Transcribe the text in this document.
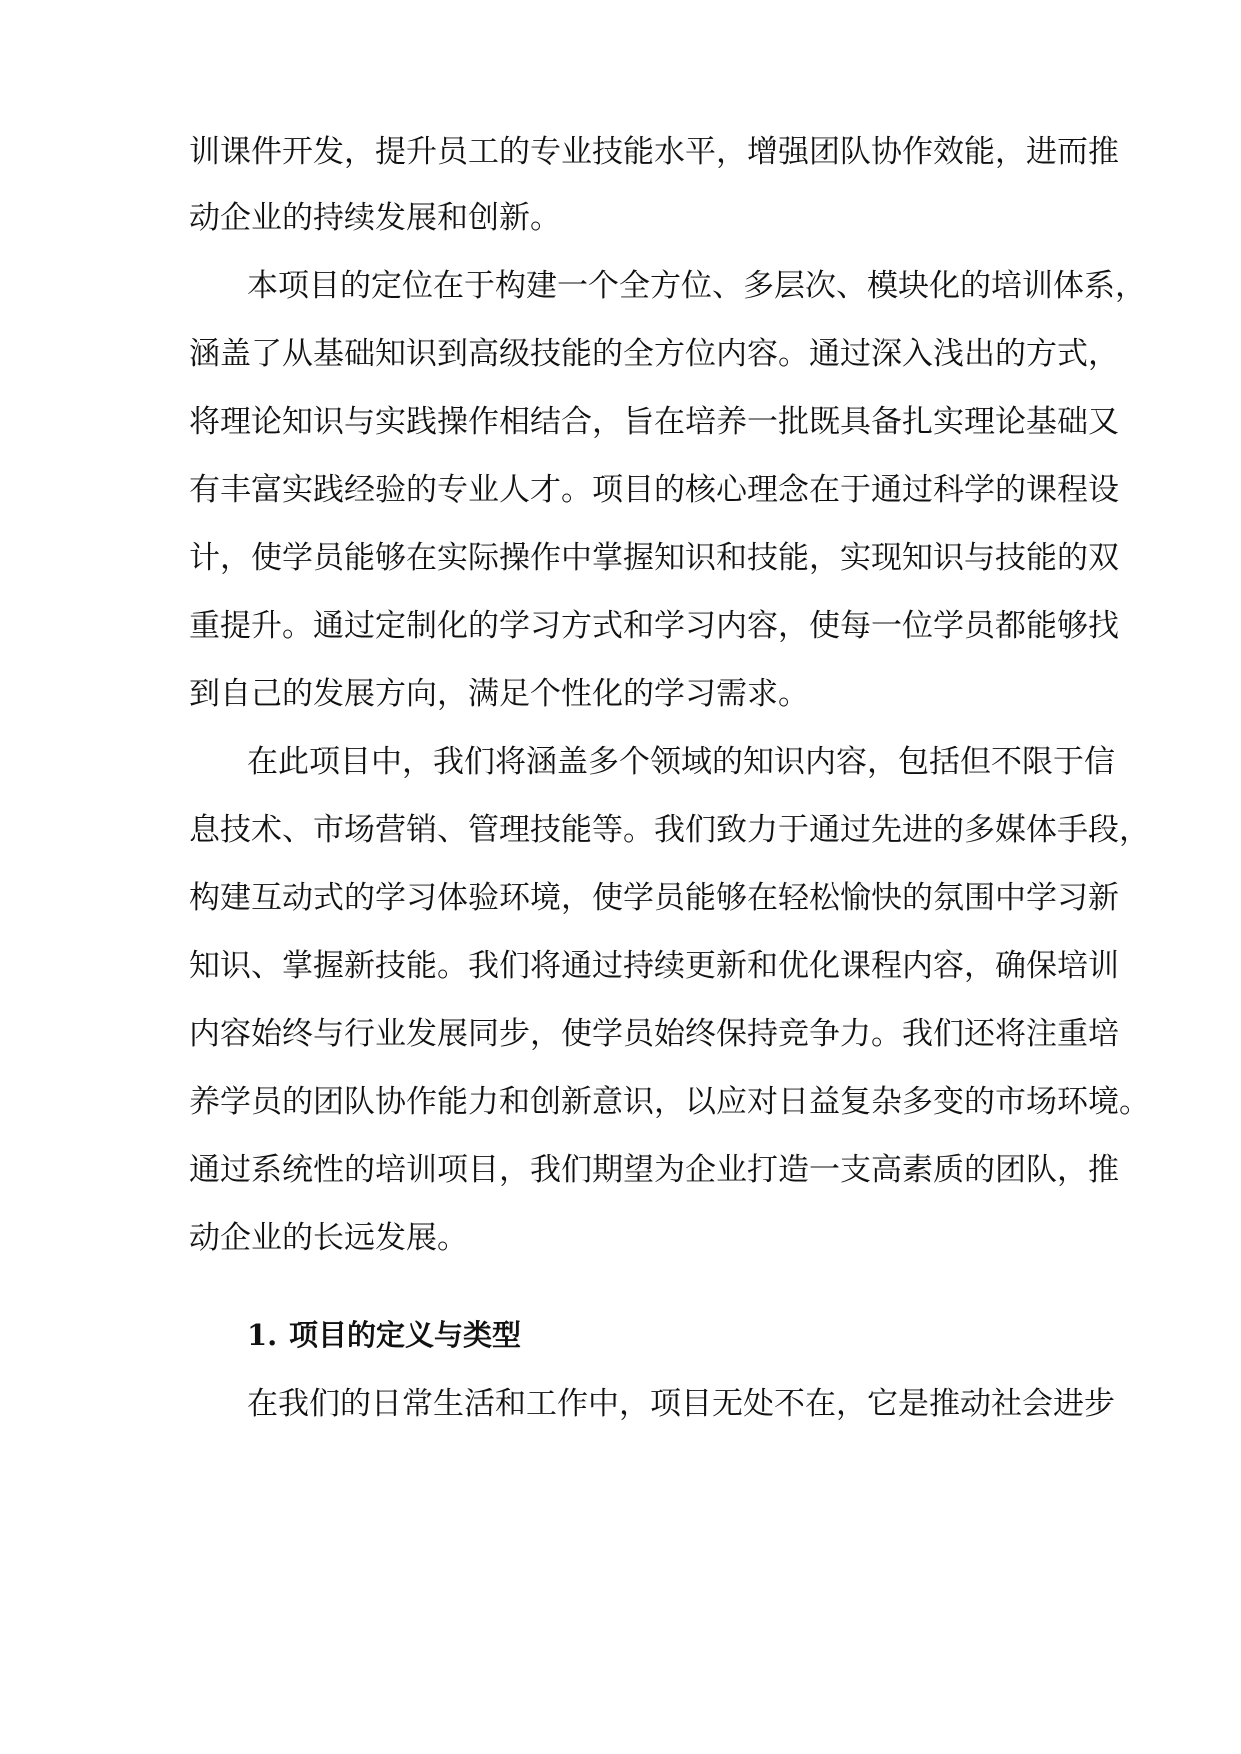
训课件开发，提升员工的专业技能水平，增强团队协作效能，进而推
动企业的持续发展和创新。
本项目的定位在于构建一个全方位、多层次、模块化的培训体系，
涵盖了从基础知识到高级技能的全方位内容。通过深入浅出的方式，
将理论知识与实践操作相结合，旨在培养一批既具备扎实理论基础又
有丰富实践经验的专业人才。项目的核心理念在于通过科学的课程设
计，使学员能够在实际操作中掌握知识和技能，实现知识与技能的双
重提升。通过定制化的学习方式和学习内容，使每一位学员都能够找
到自己的发展方向，满足个性化的学习需求。
在此项目中，我们将涵盖多个领域的知识内容，包括但不限于信
息技术、市场营销、管理技能等。我们致力于通过先进的多媒体手段，
构建互动式的学习体验环境，使学员能够在轻松愉快的氛围中学习新
知识、掌握新技能。我们将通过持续更新和优化课程内容，确保培训
内容始终与行业发展同步，使学员始终保持竞争力。我们还将注重培
养学员的团队协作能力和创新意识，以应对日益复杂多变的市场环境。
通过系统性的培训项目，我们期望为企业打造一支高素质的团队，推
动企业的长远发展。
1. 项目的定义与类型
在我们的日常生活和工作中，项目无处不在，它是推动社会进步
